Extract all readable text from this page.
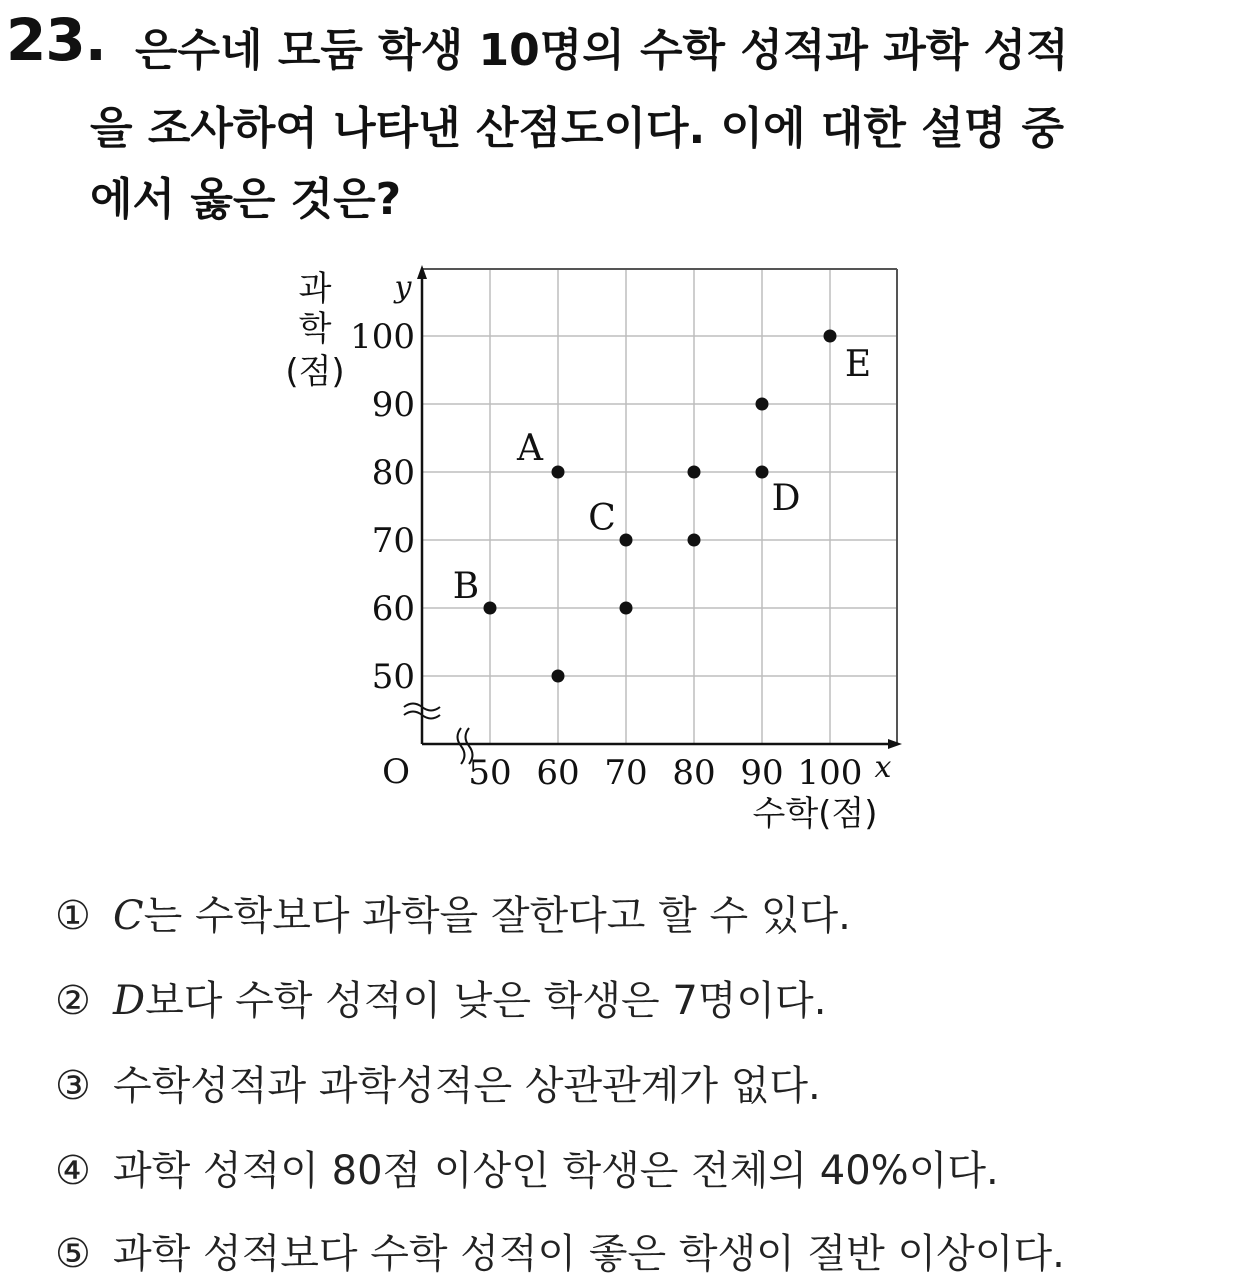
23. 은수네 모둠 학생 10명의 수학 성적과 과학 성적
을 조사하여 나타낸 산점도이다. 이에 대한 설명 중
에서 옳은 것은?
50 60 70 80 90 100
50
60
70
80
90
100
A
B
C	D
E
과
학
(점)
y
x
O
수학(점)
① C는 수학보다 과학을 잘한다고 할 수 있다.
② D보다 수학 성적이 낮은 학생은 7명이다.
③ 수학성적과 과학성적은 상관관계가 없다.
④ 과학 성적이 80점 이상인 학생은 전체의 40%이다.
⑤ 과학 성적보다 수학 성적이 좋은 학생이 절반 이상이다.
